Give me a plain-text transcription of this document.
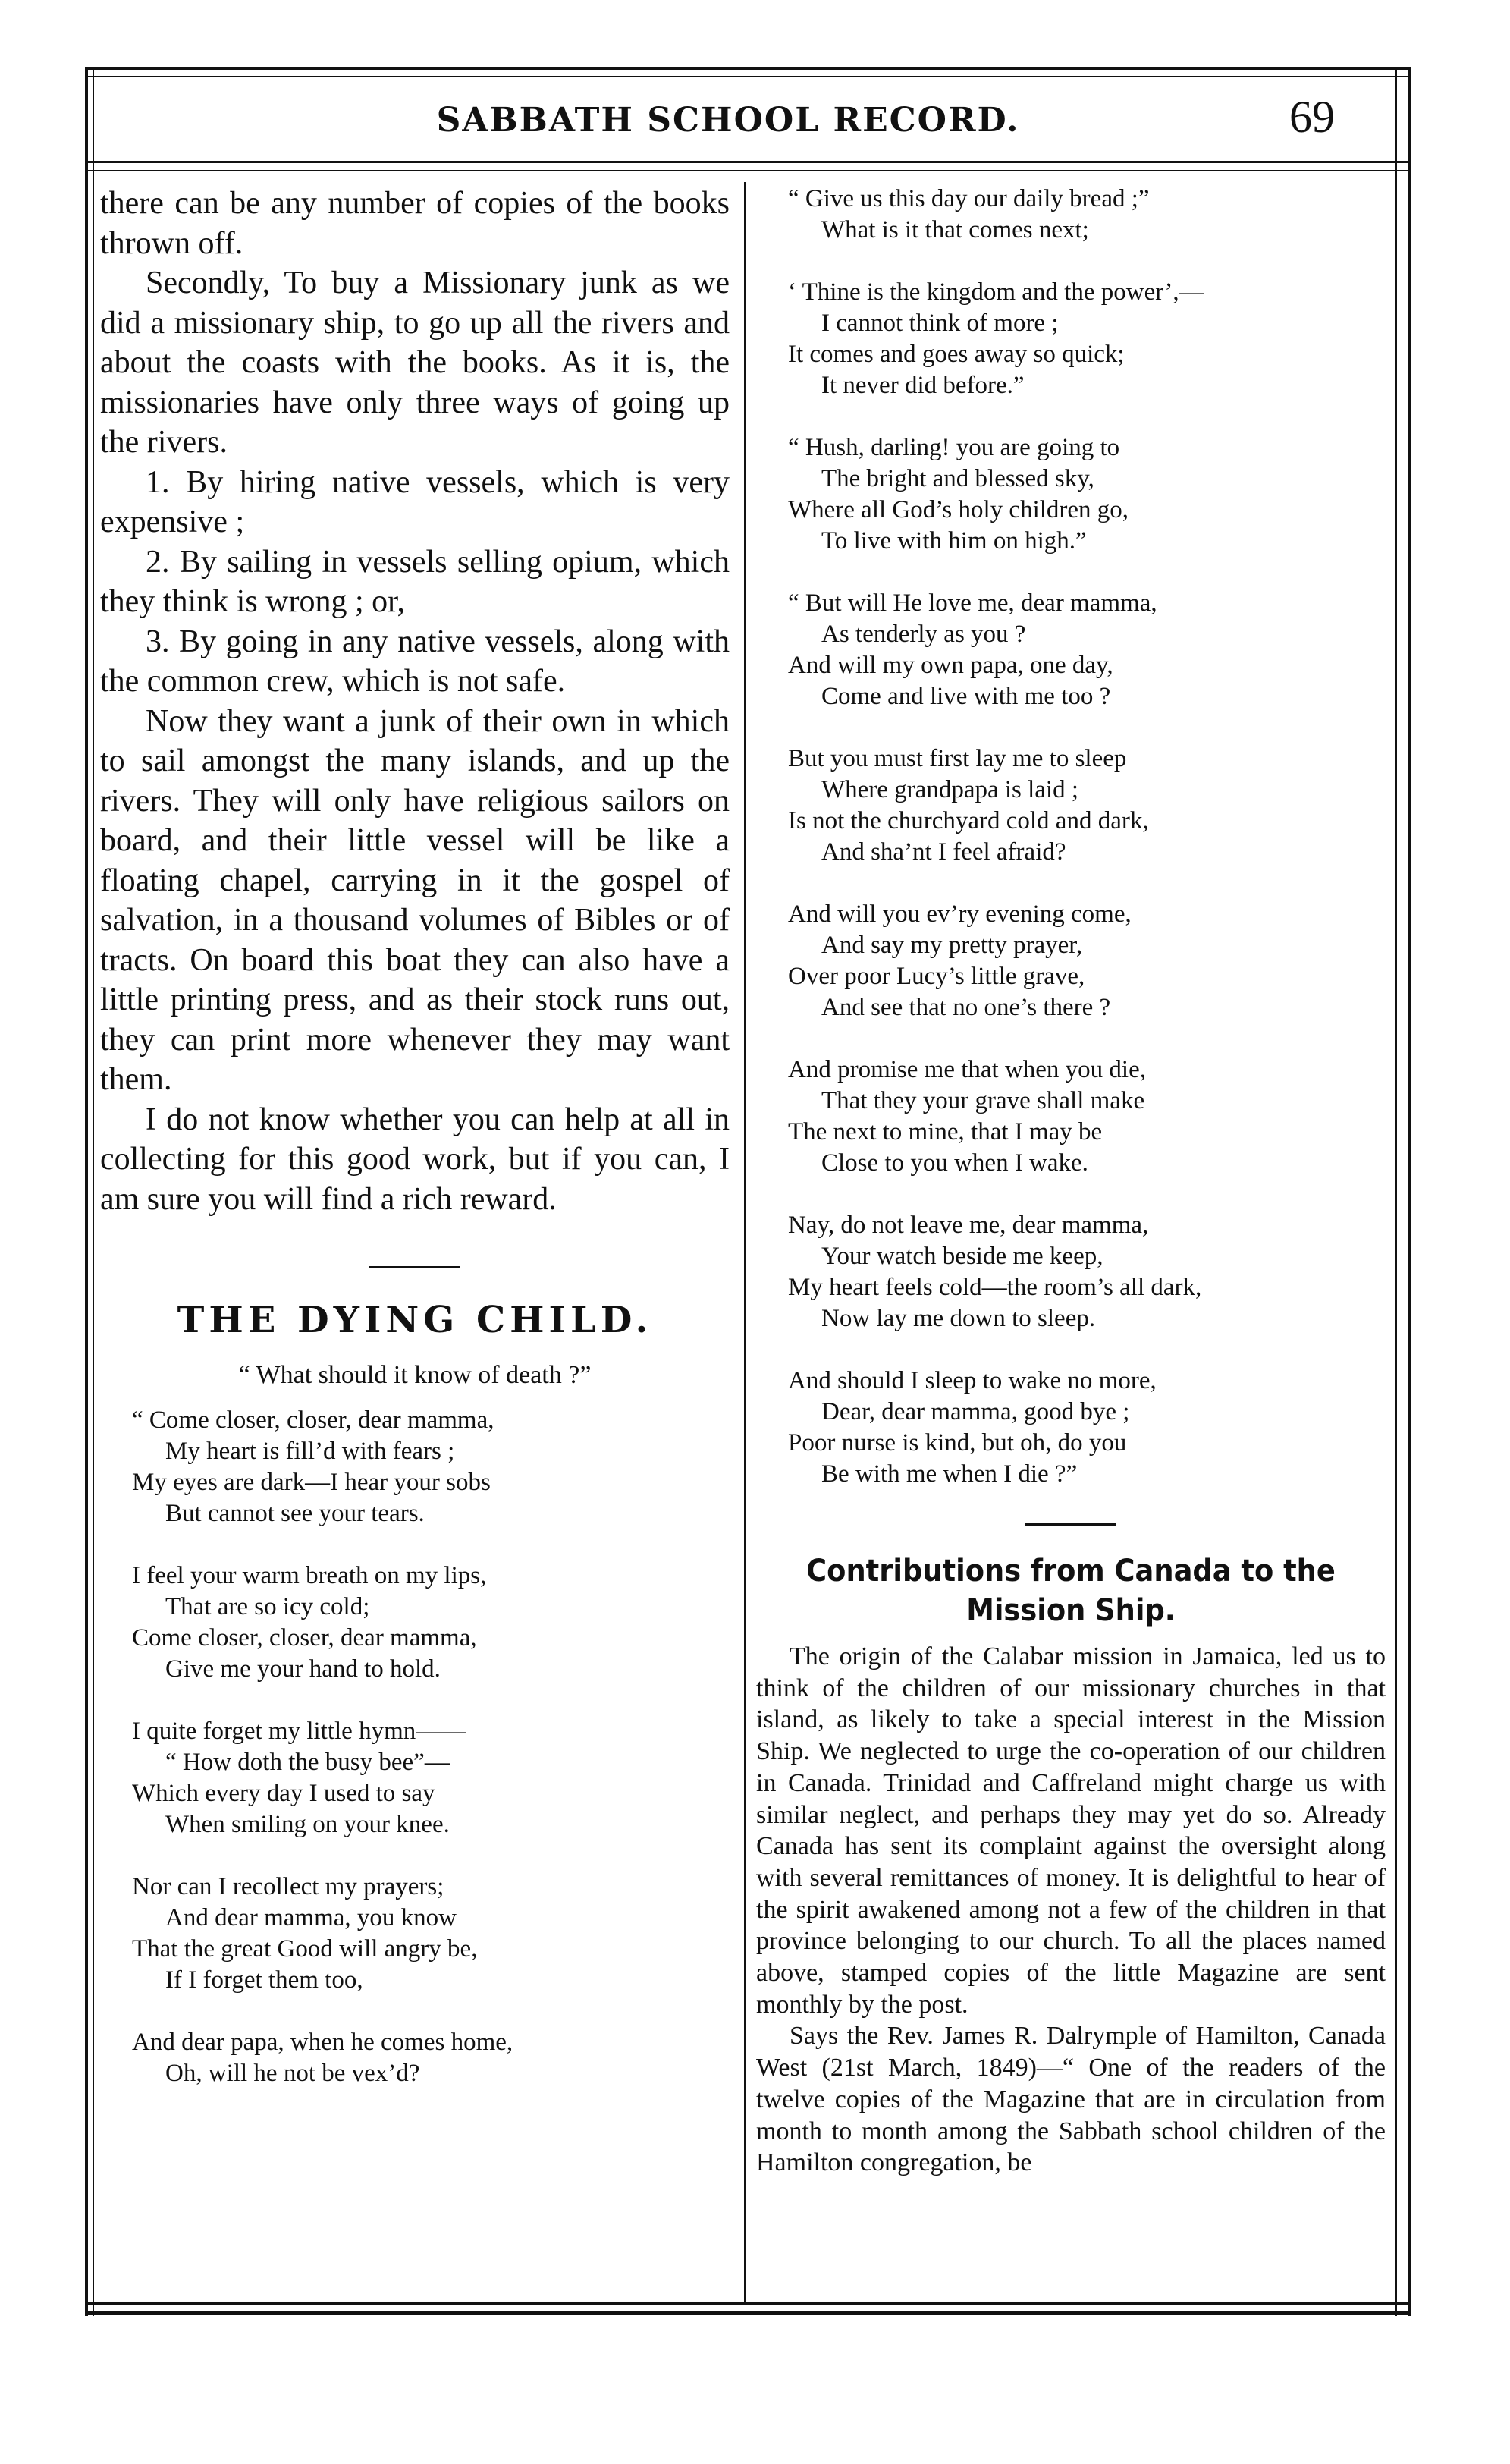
SABBATH SCHOOL RECORD.	69

there can be any number of copies of the books thrown off.

Secondly, To buy a Missionary junk as we did a missionary ship, to go up all the rivers and about the coasts with the books. As it is, the missionaries have only three ways of going up the rivers.

1. By hiring native vessels, which is very expensive ;

2. By sailing in vessels selling opium, which they think is wrong ; or,

3. By going in any native vessels, along with the common crew, which is not safe.

Now they want a junk of their own in which to sail amongst the many islands, and up the rivers. They will only have religious sailors on board, and their little vessel will be like a floating chapel, carrying in it the gospel of salvation, in a thousand volumes of Bibles or of tracts. On board this boat they can also have a little printing press, and as their stock runs out, they can print more whenever they may want them.

I do not know whether you can help at all in collecting for this good work, but if you can, I am sure you will find a rich reward.

THE DYING CHILD.
“ What should it know of death ?”
“ Come closer, closer, dear mamma,
My heart is fill’d with fears ;
My eyes are dark—I hear your sobs
But cannot see your tears.
I feel your warm breath on my lips,
That are so icy cold;
Come closer, closer, dear mamma,
Give me your hand to hold.
I quite forget my little hymn——
“ How doth the busy bee”—
Which every day I used to say
When smiling on your knee.
Nor can I recollect my prayers;
And dear mamma, you know
That the great Good will angry be,
If I forget them too,
And dear papa, when he comes home,
Oh, will he not be vex’d?
“ Give us this day our daily bread ;”
What is it that comes next;
‘ Thine is the kingdom and the power’,—
I cannot think of more ;
It comes and goes away so quick;
It never did before.”
“ Hush, darling! you are going to
The bright and blessed sky,
Where all God’s holy children go,
To live with him on high.”
“ But will He love me, dear mamma,
As tenderly as you ?
And will my own papa, one day,
Come and live with me too ?
But you must first lay me to sleep
Where grandpapa is laid ;
Is not the churchyard cold and dark,
And sha’nt I feel afraid?
And will you ev’ry evening come,
And say my pretty prayer,
Over poor Lucy’s little grave,
And see that no one’s there ?
And promise me that when you die,
That they your grave shall make
The next to mine, that I may be
Close to you when I wake.
Nay, do not leave me, dear mamma,
Your watch beside me keep,
My heart feels cold—the room’s all dark,
Now lay me down to sleep.
And should I sleep to wake no more,
Dear, dear mamma, good bye ;
Poor nurse is kind, but oh, do you
Be with me when I die ?”
Contributions from Canada to the Mission Ship.

The origin of the Calabar mission in Jamaica, led us to think of the children of our missionary churches in that island, as likely to take a special interest in the Mission Ship. We neglected to urge the co-operation of our children in Canada. Trinidad and Caffreland might charge us with similar neglect, and perhaps they may yet do so. Already Canada has sent its complaint against the oversight along with several remittances of money. It is delightful to hear of the spirit awakened among not a few of the children in that province belonging to our church. To all the places named above, stamped copies of the little Magazine are sent monthly by the post.

Says the Rev. James R. Dalrymple of Hamilton, Canada West (21st March, 1849)—“ One of the readers of the twelve copies of the Magazine that are in circulation from month to month among the Sabbath school children of the Hamilton congregation, be
